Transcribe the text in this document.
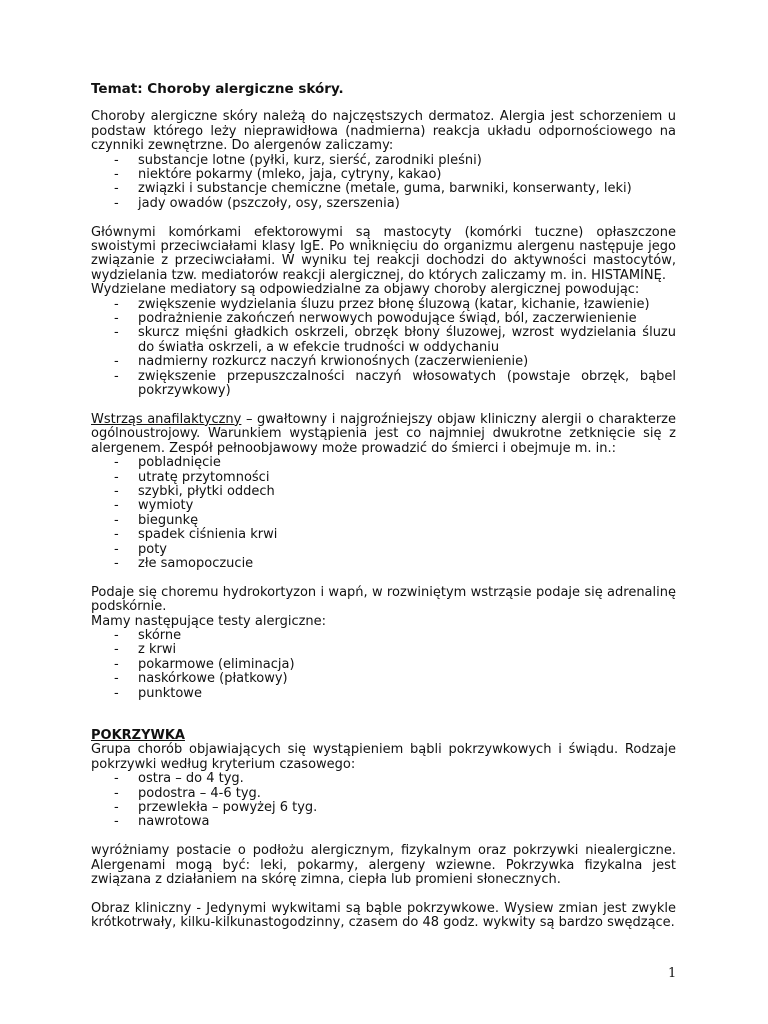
Temat: Choroby alergiczne skóry.

Choroby alergiczne skóry należą do najczęstszych dermatoz. Alergia jest schorzeniem u podstaw którego leży nieprawidłowa (nadmierna) reakcja układu odpornościowego na czynniki zewnętrzne. Do alergenów zaliczamy:

- substancje lotne (pyłki, kurz, sierść, zarodniki pleśni)
- niektóre pokarmy (mleko, jaja, cytryny, kakao)
- związki i substancje chemiczne (metale, guma, barwniki, konserwanty, leki)
- jady owadów (pszczoły, osy, szerszenia)

Głównymi komórkami efektorowymi są mastocyty (komórki tuczne) opłaszczone swoistymi przeciwciałami klasy IgE. Po wniknięciu do organizmu alergenu następuje jego związanie z przeciwciałami. W wyniku tej reakcji dochodzi do aktywności mastocytów, wydzielania tzw. mediatorów reakcji alergicznej, do których zaliczamy m. in. HISTAMINĘ.

Wydzielane mediatory są odpowiedzialne za objawy choroby alergicznej powodując:

- zwiększenie wydzielania śluzu przez błonę śluzową (katar, kichanie, łzawienie)
- podrażnienie zakończeń nerwowych powodujące świąd, ból, zaczerwienienie
- skurcz mięśni gładkich oskrzeli, obrzęk błony śluzowej, wzrost wydzielania śluzu do światła oskrzeli, a w efekcie trudności w oddychaniu
- nadmierny rozkurcz naczyń krwionośnych (zaczerwienienie)
- zwiększenie przepuszczalności naczyń włosowatych (powstaje obrzęk, bąbel pokrzywkowy)

Wstrząs anafilaktyczny – gwałtowny i najgroźniejszy objaw kliniczny alergii o charakterze ogólnoustrojowy. Warunkiem wystąpienia jest co najmniej dwukrotne zetknięcie się z alergenem. Zespół pełnoobjawowy może prowadzić do śmierci i obejmuje m. in.:

- pobladnięcie
- utratę przytomności
- szybki, płytki oddech
- wymioty
- biegunkę
- spadek ciśnienia krwi
- poty
- złe samopoczucie

Podaje się choremu hydrokortyzon i wapń, w rozwiniętym wstrząsie podaje się adrenalinę podskórnie.

Mamy następujące testy alergiczne:

- skórne
- z krwi
- pokarmowe (eliminacja)
- naskórkowe (płatkowy)
- punktowe
POKRZYWKA

Grupa chorób objawiających się wystąpieniem bąbli pokrzywkowych i świądu. Rodzaje pokrzywki według kryterium czasowego:

- ostra – do 4 tyg.
- podostra – 4-6 tyg.
- przewlekła – powyżej 6 tyg.
- nawrotowa

wyróżniamy postacie o podłożu alergicznym, fizykalnym oraz pokrzywki niealergiczne. Alergenami mogą być: leki, pokarmy, alergeny wziewne. Pokrzywka fizykalna jest związana z działaniem na skórę zimna, ciepła lub promieni słonecznych.

Obraz kliniczny - Jedynymi wykwitami są bąble pokrzywkowe. Wysiew zmian jest zwykle krótkotrwały, kilku-kilkunastogodzinny, czasem do 48 godz. wykwity są bardzo swędzące.

1
